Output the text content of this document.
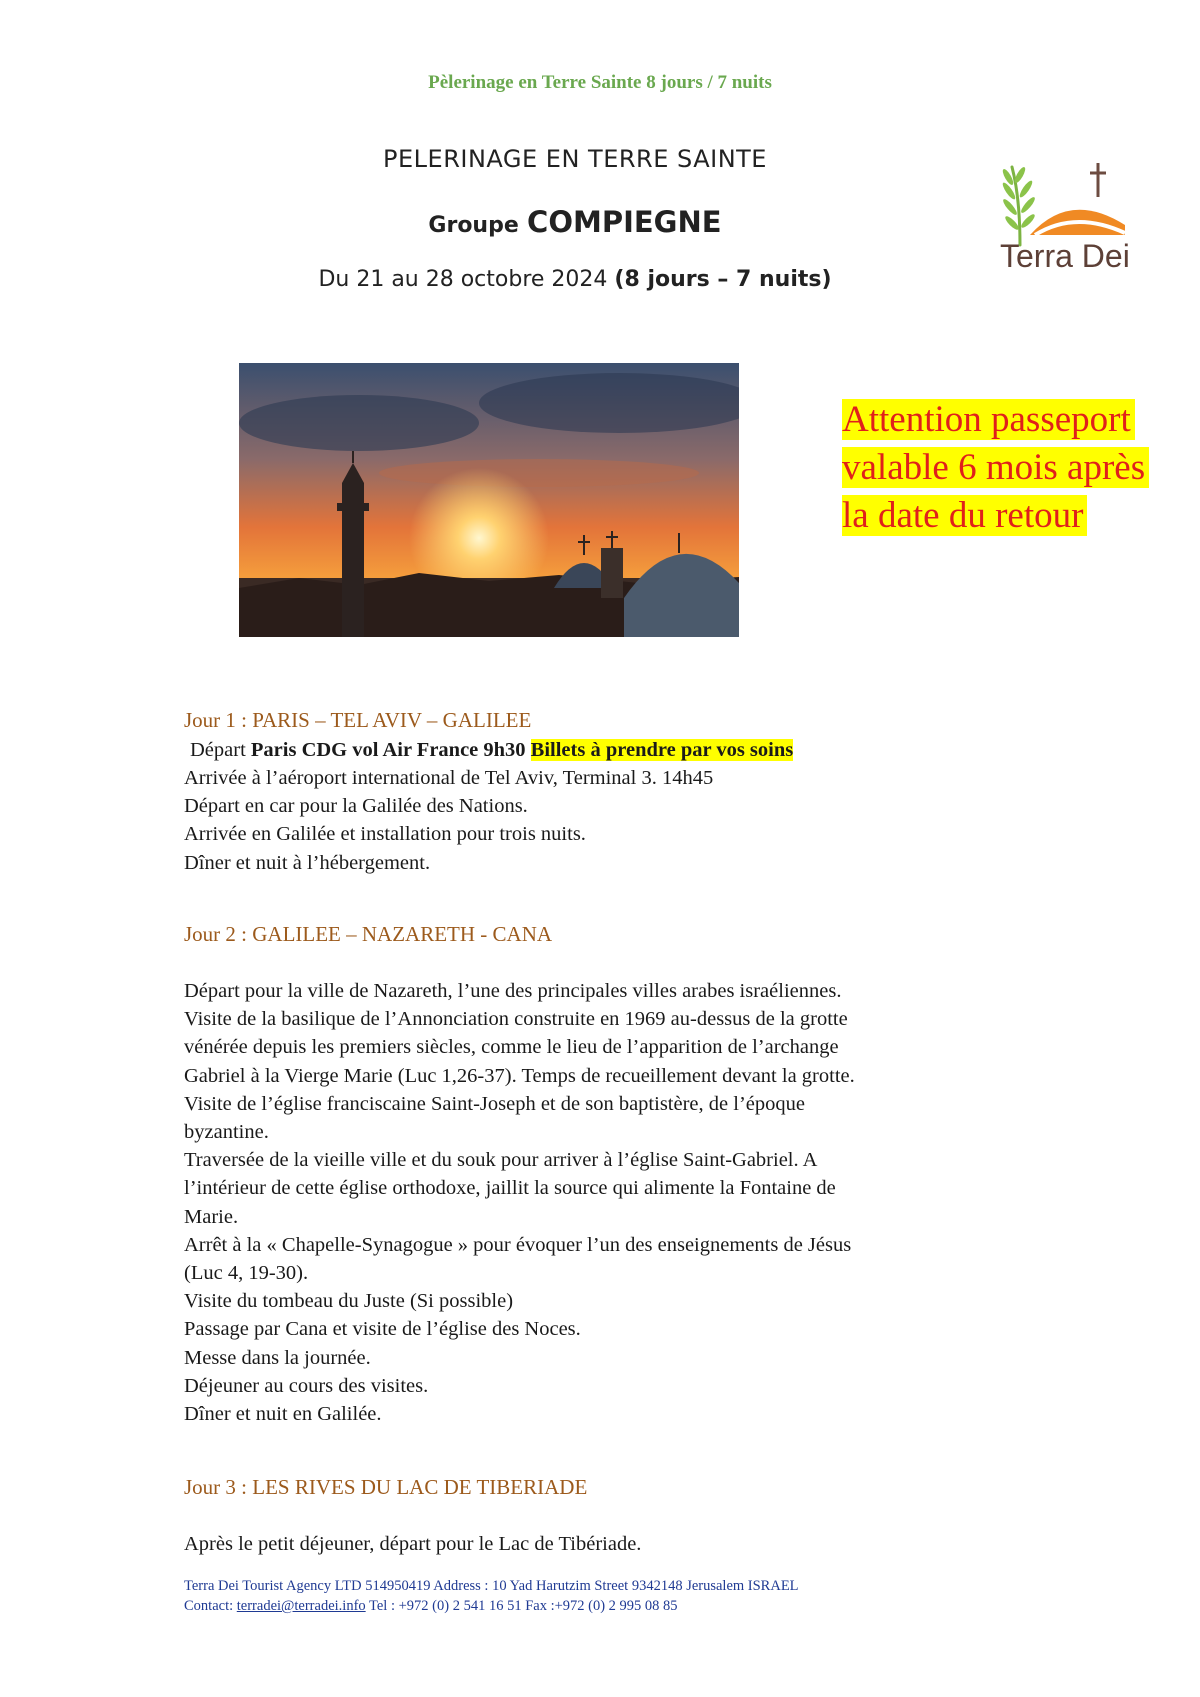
Pèlerinage en Terre Sainte 8 jours / 7 nuits
PELERINAGE EN TERRE SAINTE
Groupe COMPIEGNE
Du 21 au 28 octobre 2024 (8 jours – 7 nuits)
Terra Dei
Attention passeport
valable 6 mois après
la date du retour
Jour 1 : PARIS – TEL AVIV – GALILEE
Départ Paris CDG vol Air France 9h30 Billets à prendre par vos soins
Arrivée à l’aéroport international de Tel Aviv, Terminal 3. 14h45
Départ en car pour la Galilée des Nations.
Arrivée en Galilée et installation pour trois nuits.
Dîner et nuit à l’hébergement.
Jour 2 : GALILEE – NAZARETH - CANA
Départ pour la ville de Nazareth, l’une des principales villes arabes israéliennes.
Visite de la basilique de l’Annonciation construite en 1969 au-dessus de la grotte
vénérée depuis les premiers siècles, comme le lieu de l’apparition de l’archange
Gabriel à la Vierge Marie (Luc 1,26-37). Temps de recueillement devant la grotte.
Visite de l’église franciscaine Saint-Joseph et de son baptistère, de l’époque
byzantine.
Traversée de la vieille ville et du souk pour arriver à l’église Saint-Gabriel. A
l’intérieur de cette église orthodoxe, jaillit la source qui alimente la Fontaine de
Marie.
Arrêt à la « Chapelle-Synagogue » pour évoquer l’un des enseignements de Jésus
(Luc 4, 19-30).
Visite du tombeau du Juste (Si possible)
Passage par Cana et visite de l’église des Noces.
Messe dans la journée.
Déjeuner au cours des visites.
Dîner et nuit en Galilée.
Jour 3 : LES RIVES DU LAC DE TIBERIADE
Après le petit déjeuner, départ pour le Lac de Tibériade.
Terra Dei Tourist Agency LTD 514950419 Address : 10 Yad Harutzim Street 9342148 Jerusalem ISRAEL
Contact: terradei@terradei.info Tel : +972 (0) 2 541 16 51 Fax :+972 (0) 2 995 08 85
